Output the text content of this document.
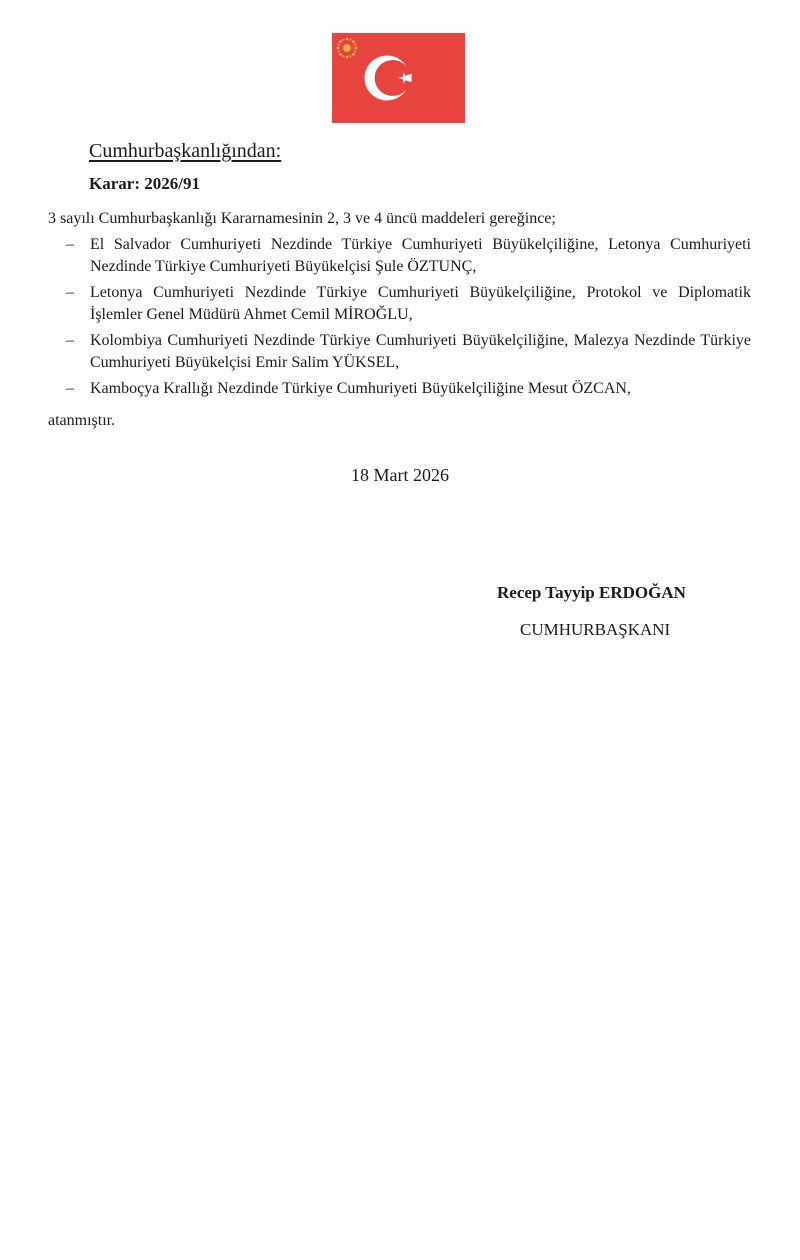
Cumhurbaşkanlığından:
Karar: 2026/91
3 sayılı Cumhurbaşkanlığı Kararnamesinin 2, 3 ve 4 üncü maddeleri gereğince;
– El Salvador Cumhuriyeti Nezdinde Türkiye Cumhuriyeti Büyükelçiliğine, Letonya Cumhuriyeti Nezdinde Türkiye Cumhuriyeti Büyükelçisi Şule ÖZTUNÇ,
– Letonya Cumhuriyeti Nezdinde Türkiye Cumhuriyeti Büyükelçiliğine, Protokol ve Diplomatik İşlemler Genel Müdürü Ahmet Cemil MİROĞLU,
– Kolombiya Cumhuriyeti Nezdinde Türkiye Cumhuriyeti Büyükelçiliğine, Malezya Nezdinde Türkiye Cumhuriyeti Büyükelçisi Emir Salim YÜKSEL,
– Kamboçya Krallığı Nezdinde Türkiye Cumhuriyeti Büyükelçiliğine Mesut ÖZCAN,
atanmıştır.
18 Mart 2026
Recep Tayyip ERDOĞAN
CUMHURBAŞKANI
